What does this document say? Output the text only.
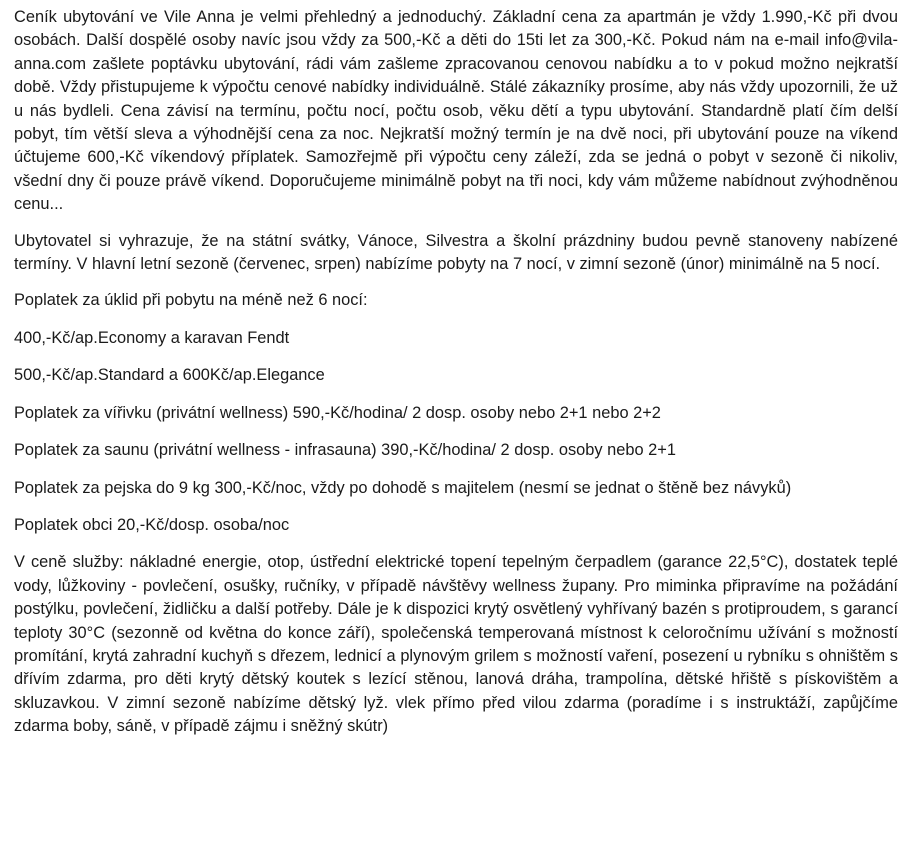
Ceník ubytování ve Vile Anna je velmi přehledný a jednoduchý. Základní cena za apartmán je vždy 1.990,-Kč při dvou osobách. Další dospělé osoby navíc jsou vždy za 500,-Kč a děti do 15ti let za 300,-Kč. Pokud nám na e-mail info@vila-anna.com zašlete poptávku ubytování, rádi vám zašleme zpracovanou cenovou nabídku a to v pokud možno nejkratší době. Vždy přistupujeme k výpočtu cenové nabídky individuálně. Stálé zákazníky prosíme, aby nás vždy upozornili, že už u nás bydleli. Cena závisí na termínu, počtu nocí, počtu osob, věku dětí a typu ubytování. Standardně platí čím delší pobyt, tím větší sleva a výhodnější cena za noc. Nejkratší možný termín je na dvě noci, při ubytování pouze na víkend účtujeme 600,-Kč víkendový příplatek. Samozřejmě při výpočtu ceny záleží, zda se jedná o pobyt v sezoně či nikoliv, všední dny či pouze právě víkend. Doporučujeme minimálně pobyt na tři noci, kdy vám můžeme nabídnout zvýhodněnou cenu...

Ubytovatel si vyhrazuje, že na státní svátky, Vánoce, Silvestra a školní prázdniny budou pevně stanoveny nabízené termíny. V hlavní letní sezoně (červenec, srpen) nabízíme pobyty na 7 nocí, v zimní sezoně (únor) minimálně na 5 nocí.

Poplatek za úklid při pobytu na méně než 6 nocí:

400,-Kč/ap.Economy a karavan Fendt

500,-Kč/ap.Standard a 600Kč/ap.Elegance

Poplatek za vířivku (privátní wellness) 590,-Kč/hodina/ 2 dosp. osoby nebo 2+1 nebo 2+2

Poplatek za saunu (privátní wellness - infrasauna) 390,-Kč/hodina/ 2 dosp. osoby nebo 2+1

Poplatek za pejska do 9 kg 300,-Kč/noc, vždy po dohodě s majitelem (nesmí se jednat o štěně bez návyků)

Poplatek obci 20,-Kč/dosp. osoba/noc

V ceně služby: nákladné energie, otop, ústřední elektrické topení tepelným čerpadlem (garance 22,5°C), dostatek teplé vody, lůžkoviny - povlečení, osušky, ručníky, v případě návštěvy wellness župany. Pro miminka připravíme na požádání postýlku, povlečení, židličku a další potřeby. Dále je k dispozici krytý osvětlený vyhřívaný bazén s protiproudem, s garancí teploty 30°C (sezonně od května do konce září), společenská temperovaná místnost k celoročnímu užívání s možností promítání, krytá zahradní kuchyň s dřezem, lednicí a plynovým grilem s možností vaření, posezení u rybníku s ohništěm s dřívím zdarma, pro děti krytý dětský koutek s lezící stěnou, lanová dráha, trampolína, dětské hřiště s pískovištěm a skluzavkou. V zimní sezoně nabízíme dětský lyž. vlek přímo před vilou zdarma (poradíme i s instruktáží, zapůjčíme zdarma boby, sáně, v případě zájmu i sněžný skútr)
